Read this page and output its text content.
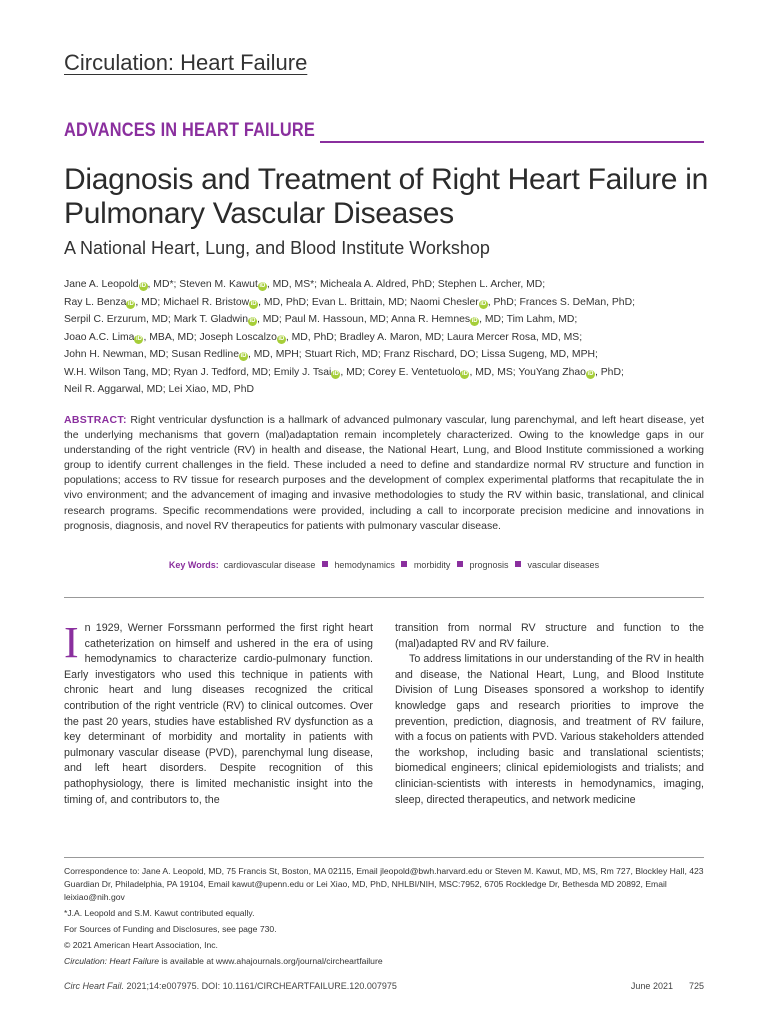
Circulation: Heart Failure
ADVANCES IN HEART FAILURE
Diagnosis and Treatment of Right Heart Failure in Pulmonary Vascular Diseases
A National Heart, Lung, and Blood Institute Workshop

Jane A. Leopold iD , MD*; Steven M. Kawut iD , MD, MS*; Micheala A. Aldred, PhD; Stephen L. Archer, MD;

Ray L. Benza iD , MD; Michael R. Bristow iD , MD, PhD; Evan L. Brittain, MD; Naomi Chesler iD , PhD; Frances S. DeMan, PhD;

Serpil C. Erzurum, MD; Mark T. Gladwin iD , MD; Paul M. Hassoun, MD; Anna R. Hemnes iD , MD; Tim Lahm, MD;

Joao A.C. Lima iD , MBA, MD; Joseph Loscalzo iD , MD, PhD; Bradley A. Maron, MD; Laura Mercer Rosa, MD, MS;

John H. Newman, MD; Susan Redline iD , MD, MPH; Stuart Rich, MD; Franz Rischard, DO; Lissa Sugeng, MD, MPH;

W.H. Wilson Tang, MD; Ryan J. Tedford, MD; Emily J. Tsai iD , MD; Corey E. Ventetuolo iD , MD, MS; YouYang Zhao iD , PhD;

Neil R. Aggarwal, MD; Lei Xiao, MD, PhD

ABSTRACT: Right ventricular dysfunction is a hallmark of advanced pulmonary vascular, lung parenchymal, and left heart disease, yet the underlying mechanisms that govern (mal)adaptation remain incompletely characterized. Owing to the knowledge gaps in our understanding of the right ventricle (RV) in health and disease, the National Heart, Lung, and Blood Institute commissioned a working group to identify current challenges in the field. These included a need to define and standardize normal RV structure and function in populations; access to RV tissue for research purposes and the development of complex experimental platforms that recapitulate the in vivo environment; and the advancement of imaging and invasive methodologies to study the RV within basic, translational, and clinical research programs. Specific recommendations were provided, including a call to incorporate precision medicine and innovations in prognosis, diagnosis, and novel RV therapeutics for patients with pulmonary vascular disease.

Key Words: cardiovascular disease hemodynamics morbidity prognosis vascular diseases

In 1929, Werner Forssmann performed the first right heart catheterization on himself and ushered in the era of using hemodynamics to characterize cardio-pulmonary function. Early investigators who used this technique in patients with chronic heart and lung diseases recognized the critical contribution of the right ventricle (RV) to clinical outcomes. Over the past 20 years, studies have established RV dysfunction as a key determinant of morbidity and mortality in patients with pulmonary vascular disease (PVD), parenchymal lung disease, and left heart disorders. Despite recognition of this pathophysiology, there is limited mechanistic insight into the timing of, and contributors to, the

transition from normal RV structure and function to the (mal)adapted RV and RV failure.

To address limitations in our understanding of the RV in health and disease, the National Heart, Lung, and Blood Institute Division of Lung Diseases sponsored a workshop to identify knowledge gaps and research priorities to improve the prevention, prediction, diagnosis, and treatment of RV failure, with a focus on patients with PVD. Various stakeholders attended the workshop, including basic and translational scientists; biomedical engineers; clinical epidemiologists and trialists; and clinician-scientists with interests in hemodynamics, imaging, sleep, directed therapeutics, and network medicine

Correspondence to: Jane A. Leopold, MD, 75 Francis St, Boston, MA 02115, Email jleopold@bwh.harvard.edu or Steven M. Kawut, MD, MS, Rm 727, Blockley Hall, 423 Guardian Dr, Philadelphia, PA 19104, Email kawut@upenn.edu or Lei Xiao, MD, PhD, NHLBI/NIH, MSC:7952, 6705 Rockledge Dr, Bethesda MD 20892, Email leixiao@nih.gov

*J.A. Leopold and S.M. Kawut contributed equally.

For Sources of Funding and Disclosures, see page 730.

© 2021 American Heart Association, Inc.

Circulation: Heart Failure is available at www.ahajournals.org/journal/circheartfailure

Circ Heart Fail. 2021;14:e007975. DOI: 10.1161/CIRCHEARTFAILURE.120.007975	June 2021 725
